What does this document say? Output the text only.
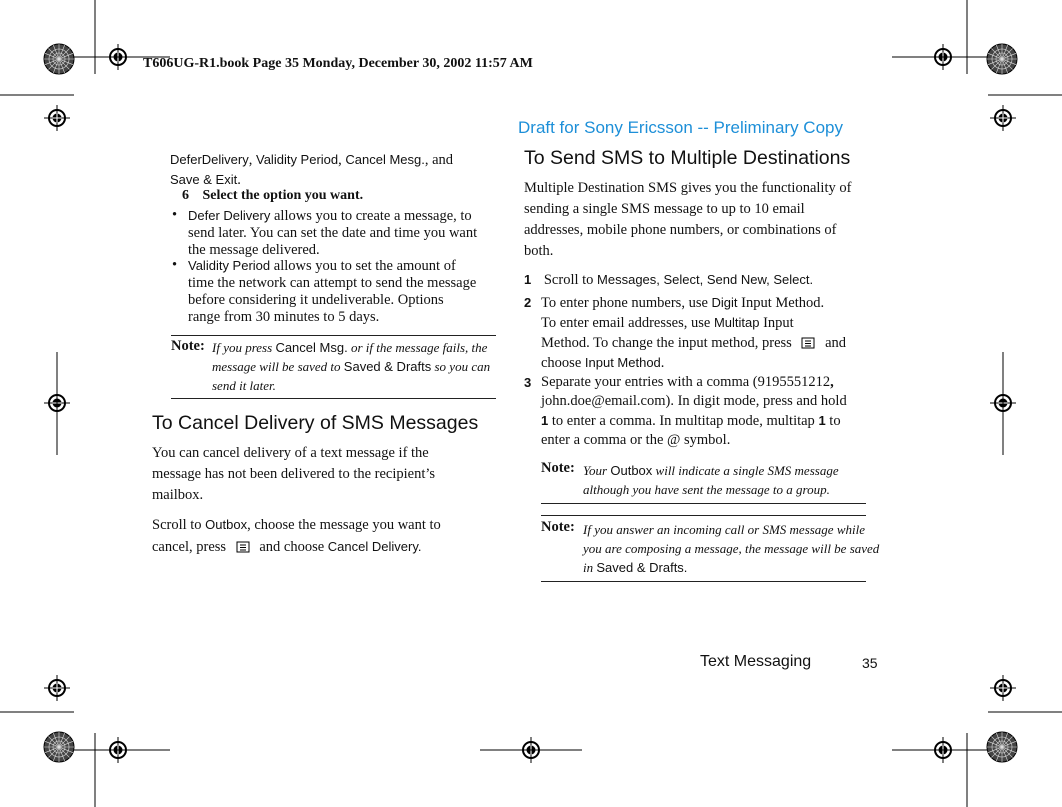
T606UG-R1.book Page 35 Monday, December 30, 2002 11:57 AM
Draft for Sony Ericsson -- Preliminary Copy
DeferDelivery, Validity Period, Cancel Mesg., and
Save & Exit.
6 Select the option you want.
• Defer Delivery allows you to create a message, to
send later. You can set the date and time you want
the message delivered.
• Validity Period allows you to set the amount of
time the network can attempt to send the message
before considering it undeliverable. Options
range from 30 minutes to 5 days.
Note: If you press Cancel Msg. or if the message fails, the
message will be saved to Saved & Drafts so you can
send it later.
To Cancel Delivery of SMS Messages
You can cancel delivery of a text message if the
message has not been delivered to the recipient’s
mailbox.
Scroll to Outbox, choose the message you want to
cancel, press  and choose Cancel Delivery.
To Send SMS to Multiple Destinations
Multiple Destination SMS gives you the functionality of
sending a single SMS message to up to 10 email
addresses, mobile phone numbers, or combinations of
both.
1 Scroll to Messages, Select, Send New, Select.
2 To enter phone numbers, use Digit Input Method.
To enter email addresses, use Multitap Input
Method. To change the input method, press  and
choose Input Method.
3 Separate your entries with a comma (9195551212,
john.doe@email.com). In digit mode, press and hold
1 to enter a comma. In multitap mode, multitap 1 to
enter a comma or the @ symbol.
Note: Your Outbox will indicate a single SMS message
although you have sent the message to a group.
Note: If you answer an incoming call or SMS message while
you are composing a message, the message will be saved
in Saved & Drafts.
Text Messaging	35
